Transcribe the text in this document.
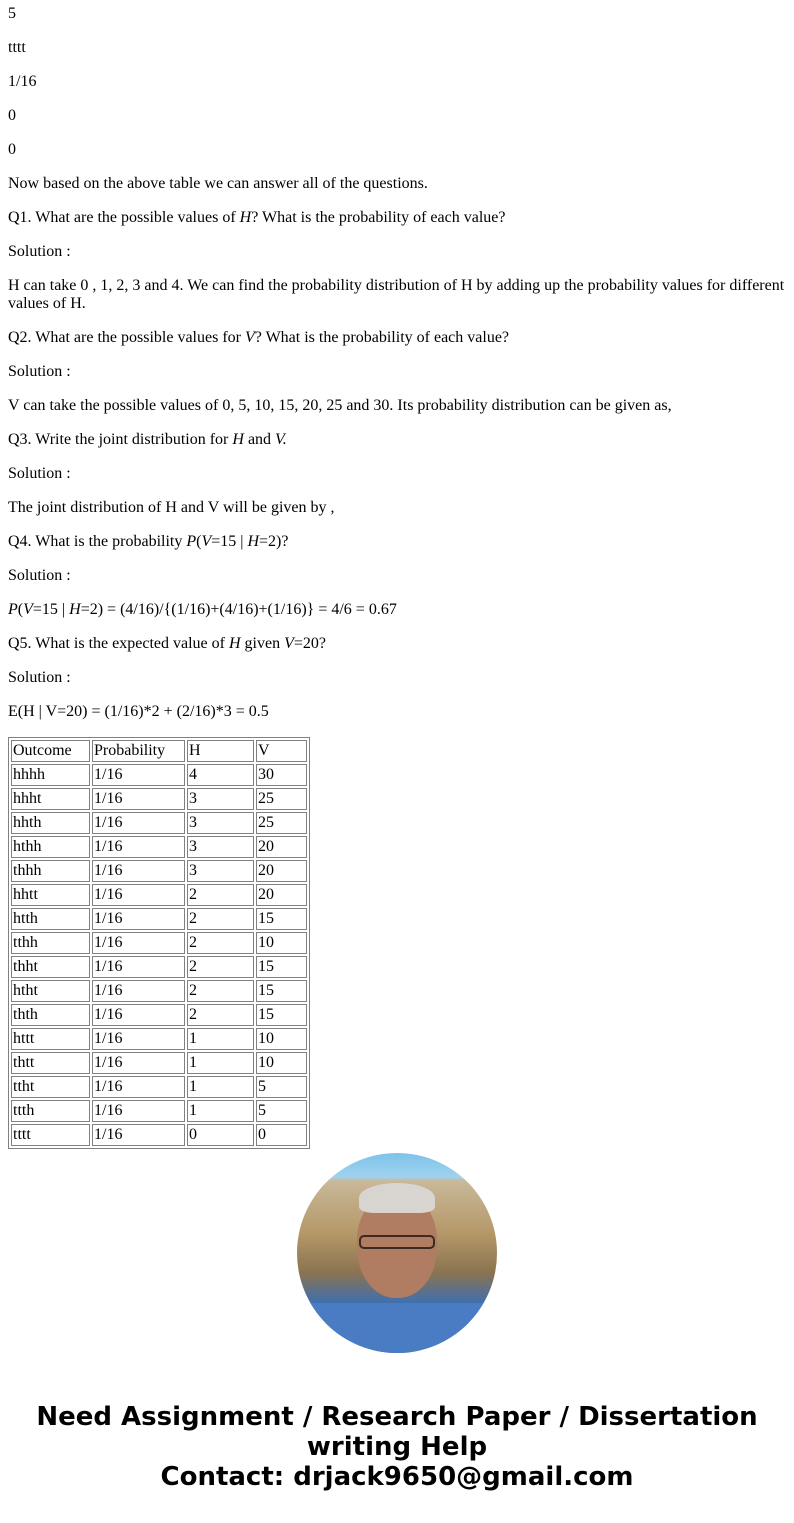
5

tttt

1/16

0

0

Now based on the above table we can answer all of the questions.

Q1. What are the possible values of H? What is the probability of each value?

Solution :

H can take 0 , 1, 2, 3 and 4. We can find the probability distribution of H by adding up the probability values for different values of H.

Q2. What are the possible values for V? What is the probability of each value?

Solution :

V can take the possible values of 0, 5, 10, 15, 20, 25 and 30. Its probability distribution can be given as,

Q3. Write the joint distribution for H and V.

Solution :

The joint distribution of H and V will be given by ,

Q4. What is the probability P(V=15 | H=2)?

Solution :

P(V=15 | H=2) = (4/16)/{(1/16)+(4/16)+(1/16)} = 4/6 = 0.67

Q5. What is the expected value of H given V=20?

Solution :

E(H | V=20) = (1/16)*2 + (2/16)*3 = 0.5

Outcome	Probability	H	V
hhhh	1/16	4	30
hhht	1/16	3	25
hhth	1/16	3	25
hthh	1/16	3	20
thhh	1/16	3	20
hhtt	1/16	2	20
htth	1/16	2	15
tthh	1/16	2	10
thht	1/16	2	15
htht	1/16	2	15
thth	1/16	2	15
httt	1/16	1	10
thtt	1/16	1	10
ttht	1/16	1	5
ttth	1/16	1	5
tttt	1/16	0	0
Need Assignment / Research Paper / Dissertation writing Help
Contact: drjack9650@gmail.com
